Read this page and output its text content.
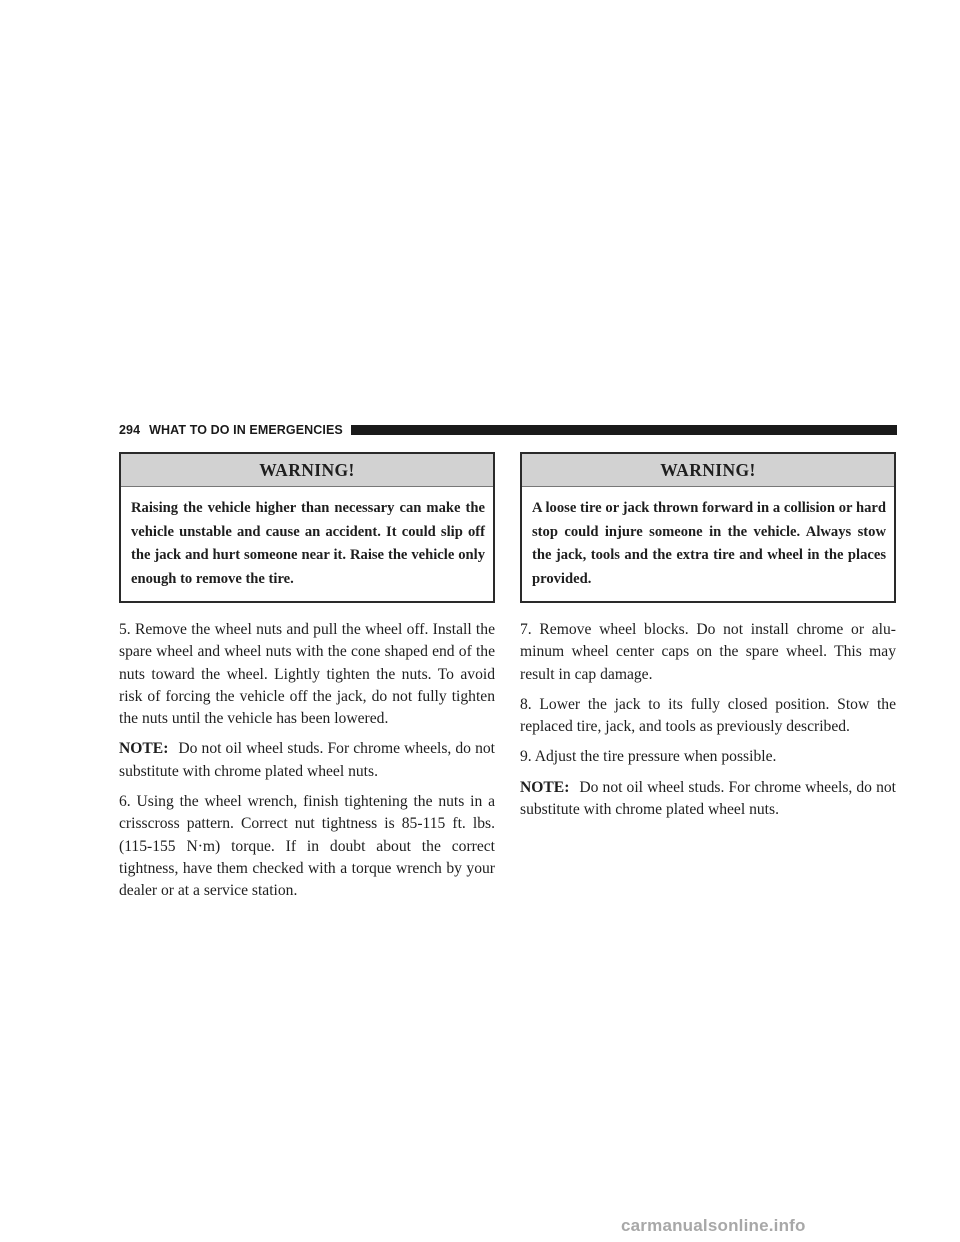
294 WHAT TO DO IN EMERGENCIES
WARNING!
Raising the vehicle higher than necessary can make the vehicle unstable and cause an accident. It could slip off the jack and hurt someone near it. Raise the vehicle only enough to remove the tire.

5. Remove the wheel nuts and pull the wheel off. Install the spare wheel and wheel nuts with the cone shaped end of the nuts toward the wheel. Lightly tighten the nuts. To avoid risk of forcing the vehicle off the jack, do not fully tighten the nuts until the vehicle has been lowered.

NOTE: Do not oil wheel studs. For chrome wheels, do not substitute with chrome plated wheel nuts.

6. Using the wheel wrench, finish tightening the nuts in a crisscross pattern. Correct nut tightness is 85-115 ft. lbs. (115-155 N·m) torque. If in doubt about the correct tightness, have them checked with a torque wrench by your dealer or at a service station.

WARNING!
A loose tire or jack thrown forward in a collision or hard stop could injure someone in the vehicle. Always stow the jack, tools and the extra tire and wheel in the places provided.

7. Remove wheel blocks. Do not install chrome or alu-minum wheel center caps on the spare wheel. This may result in cap damage.

8. Lower the jack to its fully closed position. Stow the replaced tire, jack, and tools as previously described.

9. Adjust the tire pressure when possible.

NOTE: Do not oil wheel studs. For chrome wheels, do not substitute with chrome plated wheel nuts.

carmanualsonline.info
